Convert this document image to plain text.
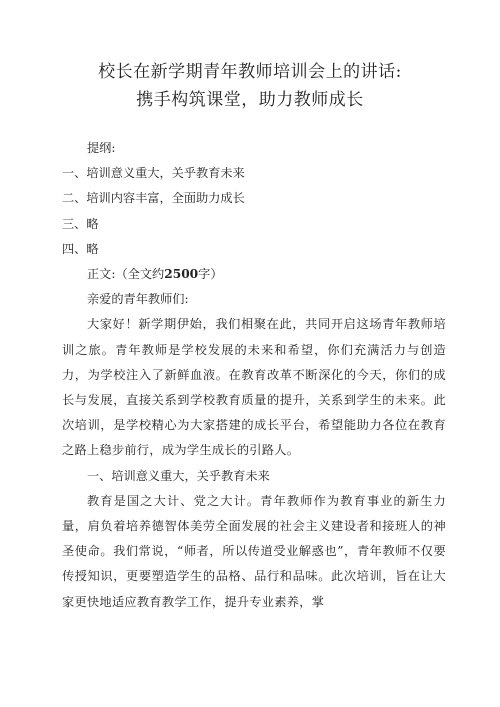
校长在新学期青年教师培训会上的讲话:
携手构筑课堂，助力教师成长
提纲:
一、培训意义重大，关乎教育未来
二、培训内容丰富，全面助力成长
三、略
四、略
正文:（全文约2500字）
亲爱的青年教师们:

大家好！新学期伊始，我们相聚在此，共同开启这场青年教师培训之旅。青年教师是学校发展的未来和希望，你们充满活力与创造力，为学校注入了新鲜血液。在教育改革不断深化的今天，你们的成长与发展，直接关系到学校教育质量的提升，关系到学生的未来。此次培训，是学校精心为大家搭建的成长平台，希望能助力各位在教育之路上稳步前行，成为学生成长的引路人。

一、培训意义重大，关乎教育未来

教育是国之大计、党之大计。青年教师作为教育事业的新生力量，肩负着培养德智体美劳全面发展的社会主义建设者和接班人的神圣使命。我们常说，“师者，所以传道受业解惑也”，青年教师不仅要传授知识，更要塑造学生的品格、品行和品味。此次培训，旨在让大家更快地适应教育教学工作，提升专业素养，掌
